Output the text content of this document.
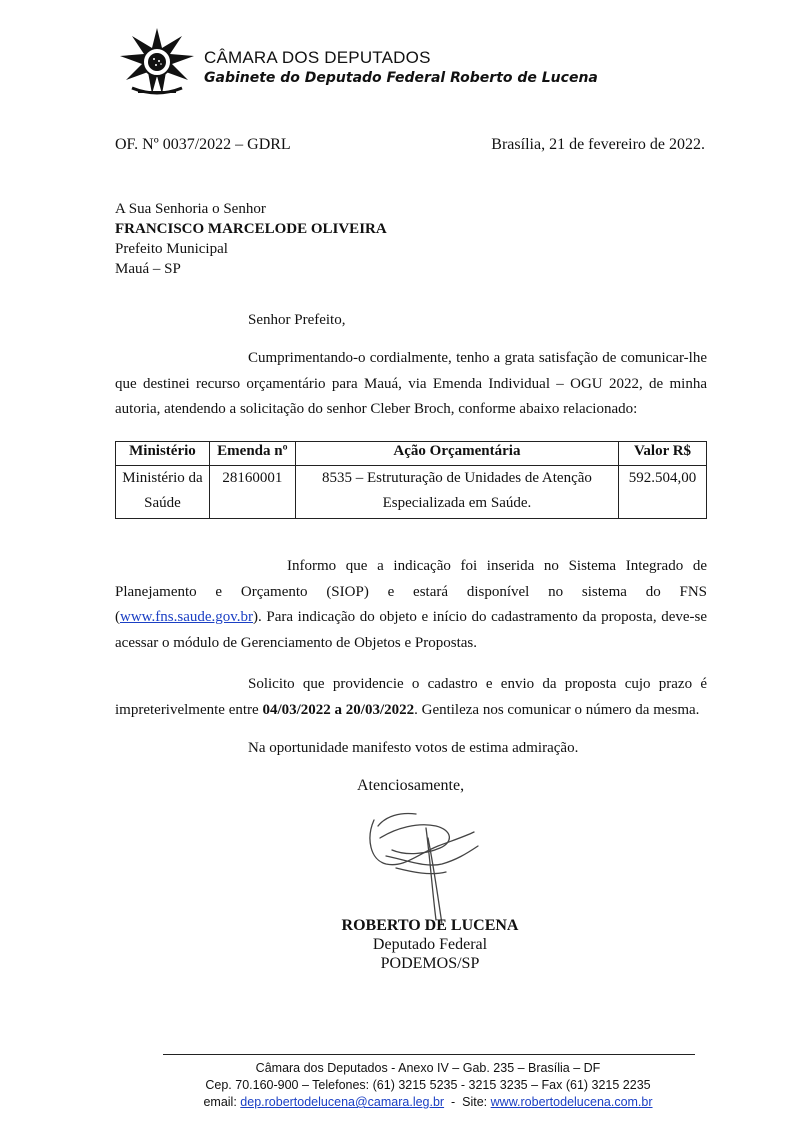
CÂMARA DOS DEPUTADOS
Gabinete do Deputado Federal Roberto de Lucena
OF. Nº 0037/2022 – GDRL	Brasília, 21 de fevereiro de 2022.
A Sua Senhoria o Senhor
FRANCISCO MARCELODE OLIVEIRA
Prefeito Municipal
Mauá – SP
Senhor Prefeito,
Cumprimentando-o cordialmente, tenho a grata satisfação de comunicar-lhe que destinei recurso orçamentário para Mauá, via Emenda Individual – OGU 2022, de minha autoria, atendendo a solicitação do senhor Cleber Broch, conforme abaixo relacionado:
Ministério	Emenda nº	Ação Orçamentária	Valor R$
Ministério da Saúde	28160001	8535 – Estruturação de Unidades de Atenção Especializada em Saúde.	592.504,00
Informo que a indicação foi inserida no Sistema Integrado de Planejamento e Orçamento (SIOP) e estará disponível no sistema do FNS (www.fns.saude.gov.br). Para indicação do objeto e início do cadastramento da proposta, deve-se acessar o módulo de Gerenciamento de Objetos e Propostas.
Solicito que providencie o cadastro e envio da proposta cujo prazo é impreterivelmente entre 04/03/2022 a 20/03/2022. Gentileza nos comunicar o número da mesma.
Na oportunidade manifesto votos de estima admiração.
Atenciosamente,
ROBERTO DE LUCENA
Deputado Federal
PODEMOS/SP
Câmara dos Deputados - Anexo IV – Gab. 235 – Brasília – DF
Cep. 70.160-900 – Telefones: (61) 3215 5235 - 3215 3235 – Fax (61) 3215 2235
email: dep.robertodelucena@camara.leg.br  -  Site: www.robertodelucena.com.br
